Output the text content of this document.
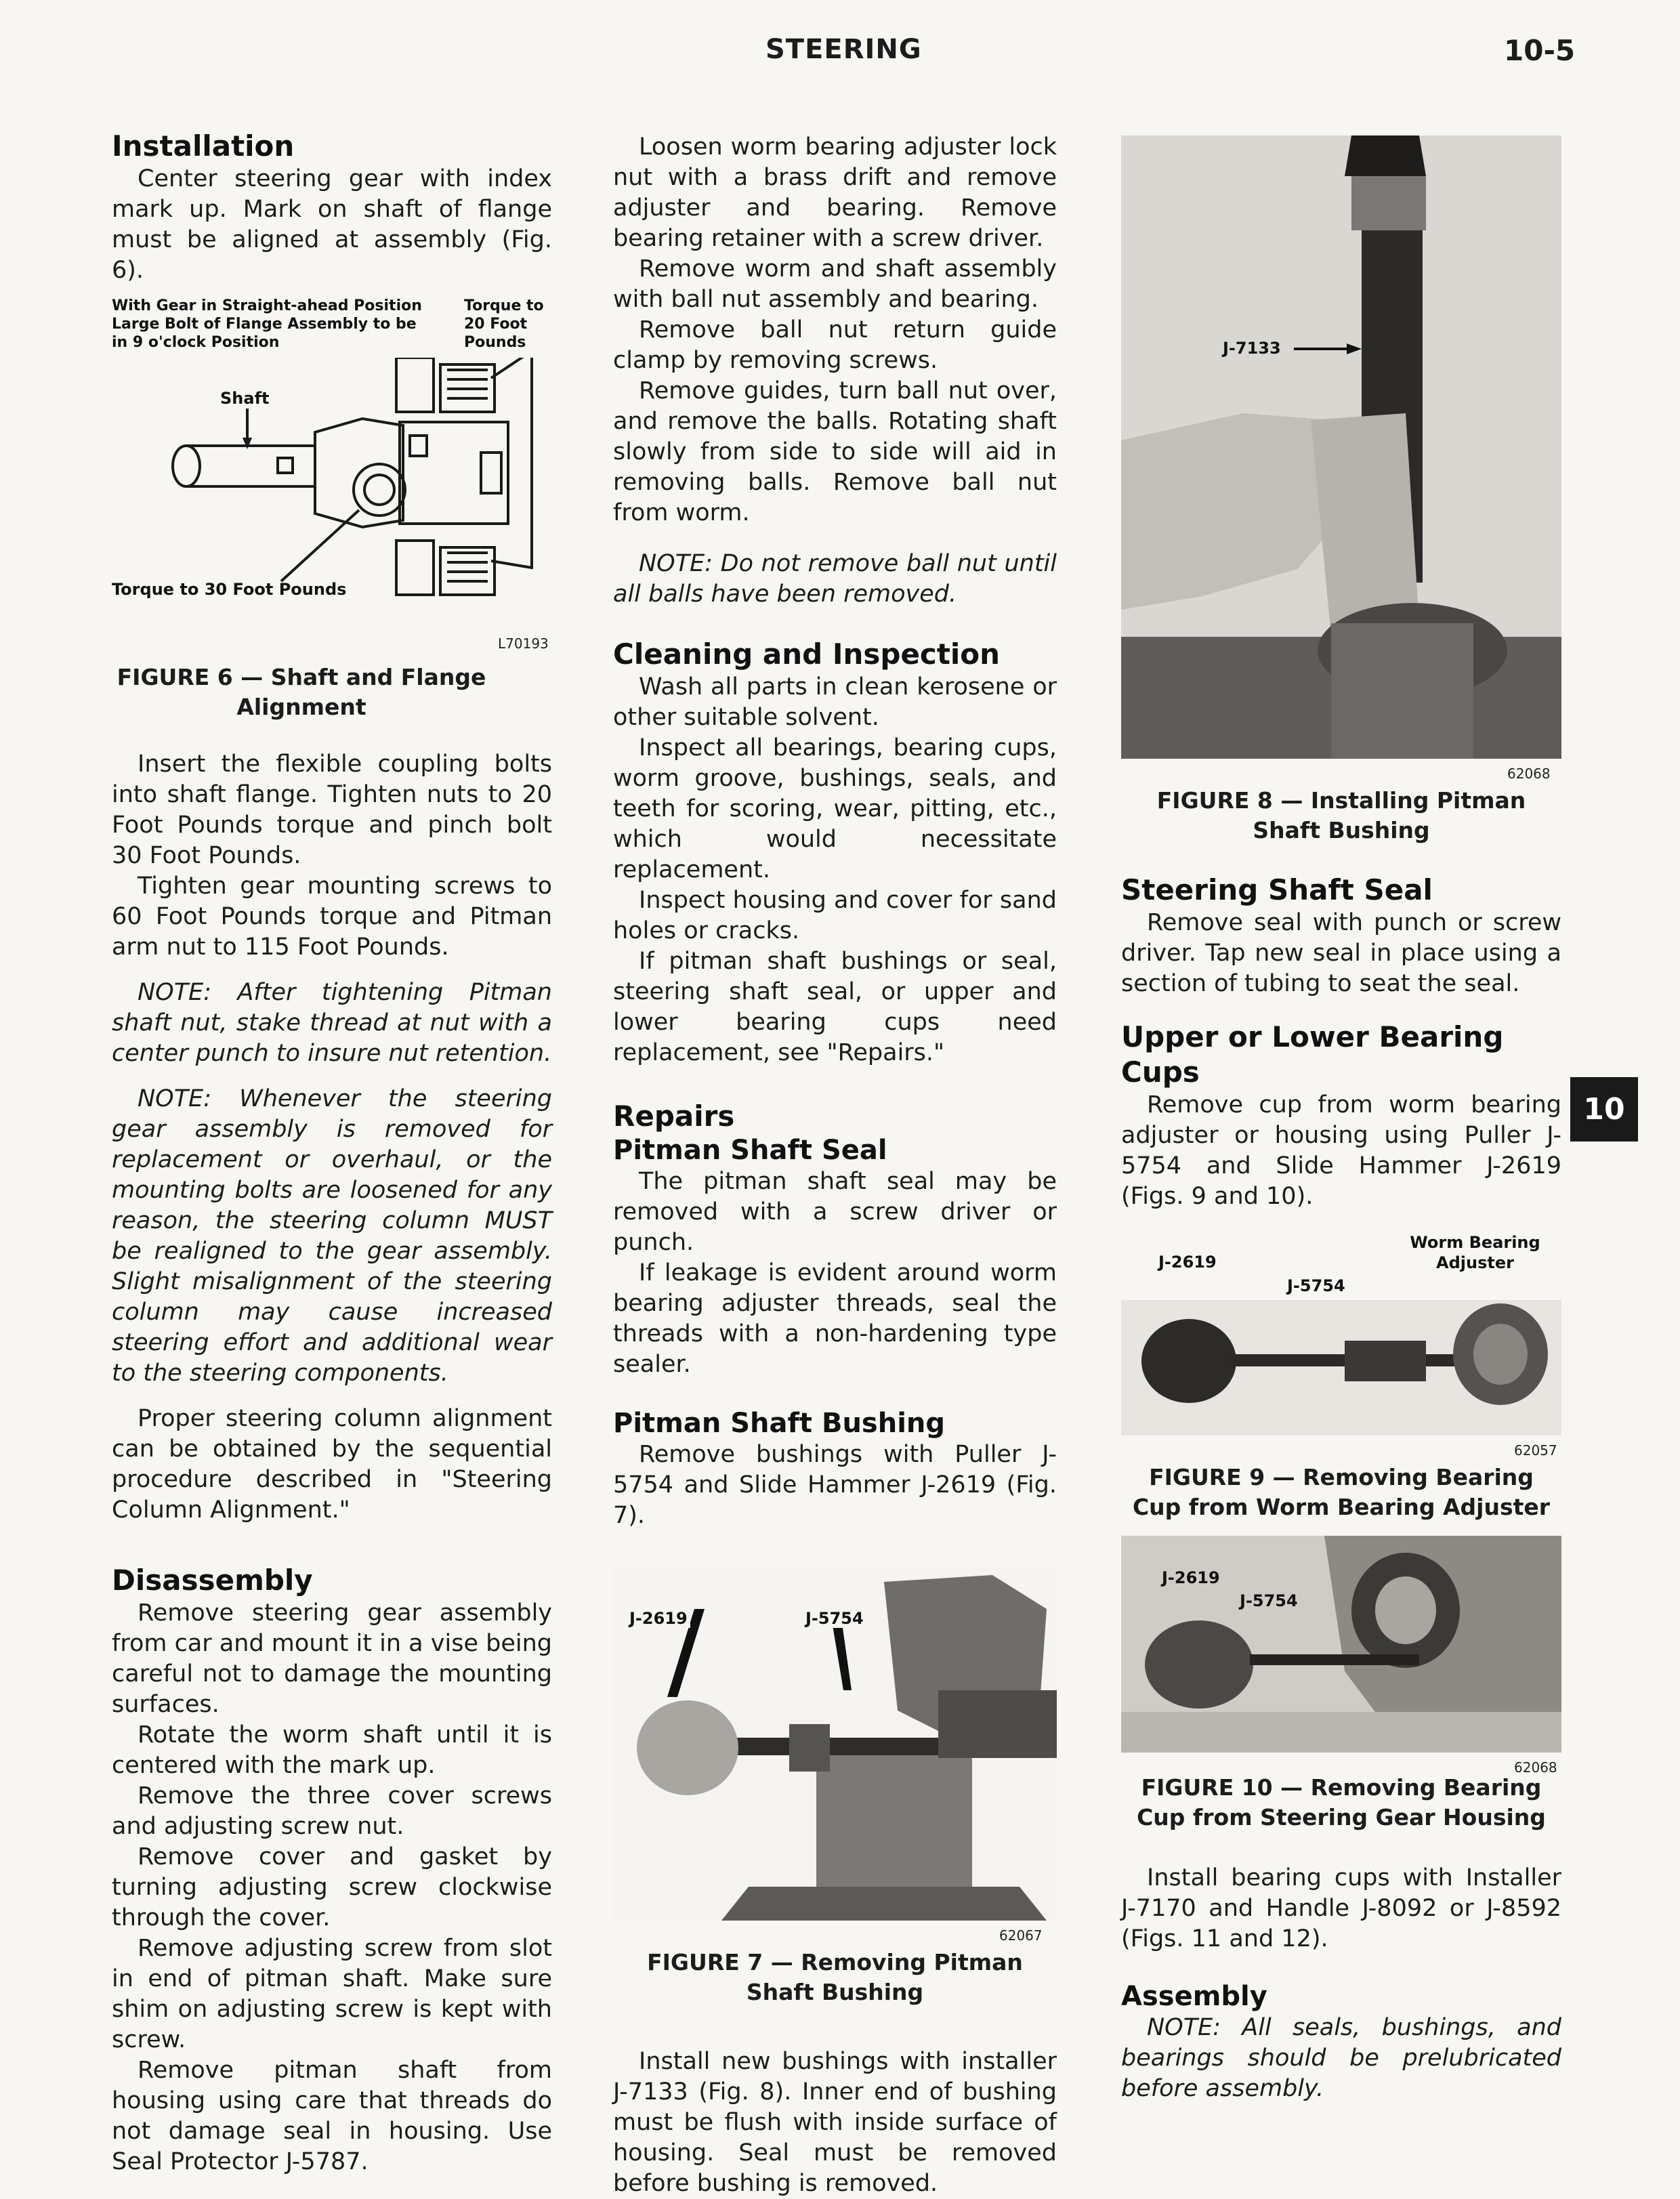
STEERING	10-5
10
Installation

Center steering gear with index mark up. Mark on shaft of flange must be aligned at assembly (Fig. 6).

With Gear in Straight-ahead Position Large Bolt of Flange Assembly to be in 9 o'clock Position
Torque to 20 Foot Pounds
Shaft
Torque to 30 Foot Pounds
L70193

FIGURE 6 — Shaft and Flange Alignment

Insert the flexible coupling bolts into shaft flange. Tighten nuts to 20 Foot Pounds torque and pinch bolt 30 Foot Pounds.

Tighten gear mounting screws to 60 Foot Pounds torque and Pitman arm nut to 115 Foot Pounds.

NOTE: After tightening Pitman shaft nut, stake thread at nut with a center punch to insure nut retention.

NOTE: Whenever the steering gear assembly is removed for replacement or overhaul, or the mounting bolts are loosened for any reason, the steering column MUST be realigned to the gear assembly. Slight misalignment of the steering column may cause increased steering effort and additional wear to the steering components.

Proper steering column alignment can be obtained by the sequential procedure described in "Steering Column Alignment."

Disassembly

Remove steering gear assembly from car and mount it in a vise being careful not to damage the mounting surfaces.

Rotate the worm shaft until it is centered with the mark up.

Remove the three cover screws and adjusting screw nut.

Remove cover and gasket by turning adjusting screw clockwise through the cover.

Remove adjusting screw from slot in end of pitman shaft. Make sure shim on adjusting screw is kept with screw.

Remove pitman shaft from housing using care that threads do not damage seal in housing. Use Seal Protector J-5787.

Loosen worm bearing adjuster lock nut with a brass drift and remove adjuster and bearing. Remove bearing retainer with a screw driver.

Remove worm and shaft assembly with ball nut assembly and bearing.

Remove ball nut return guide clamp by removing screws.

Remove guides, turn ball nut over, and remove the balls. Rotating shaft slowly from side to side will aid in removing balls. Remove ball nut from worm.

NOTE: Do not remove ball nut until all balls have been removed.

Cleaning and Inspection

Wash all parts in clean kerosene or other suitable solvent.

Inspect all bearings, bearing cups, worm groove, bushings, seals, and teeth for scoring, wear, pitting, etc., which would necessitate replacement.

Inspect housing and cover for sand holes or cracks.

If pitman shaft bushings or seal, steering shaft seal, or upper and lower bearing cups need replacement, see "Repairs."

Repairs
Pitman Shaft Seal

The pitman shaft seal may be removed with a screw driver or punch.

If leakage is evident around worm bearing adjuster threads, seal the threads with a non-hardening type sealer.

Pitman Shaft Bushing

Remove bushings with Puller J-5754 and Slide Hammer J-2619 (Fig. 7).

J-2619	J-5754
62067

FIGURE 7 — Removing Pitman Shaft Bushing

Install new bushings with installer J-7133 (Fig. 8). Inner end of bushing must be flush with inside surface of housing. Seal must be removed before bushing is removed.

J-7133
62068

FIGURE 8 — Installing Pitman Shaft Bushing

Steering Shaft Seal

Remove seal with punch or screw driver. Tap new seal in place using a section of tubing to seat the seal.

Upper or Lower Bearing Cups

Remove cup from worm bearing adjuster or housing using Puller J-5754 and Slide Hammer J-2619 (Figs. 9 and 10).

J-2619
J-5754
Worm Bearing Adjuster
62057

FIGURE 9 — Removing Bearing Cup from Worm Bearing Adjuster

J-2619
J-5754
62068

FIGURE 10 — Removing Bearing Cup from Steering Gear Housing

Install bearing cups with Installer J-7170 and Handle J-8092 or J-8592 (Figs. 11 and 12).

Assembly

NOTE: All seals, bushings, and bearings should be prelubricated before assembly.
